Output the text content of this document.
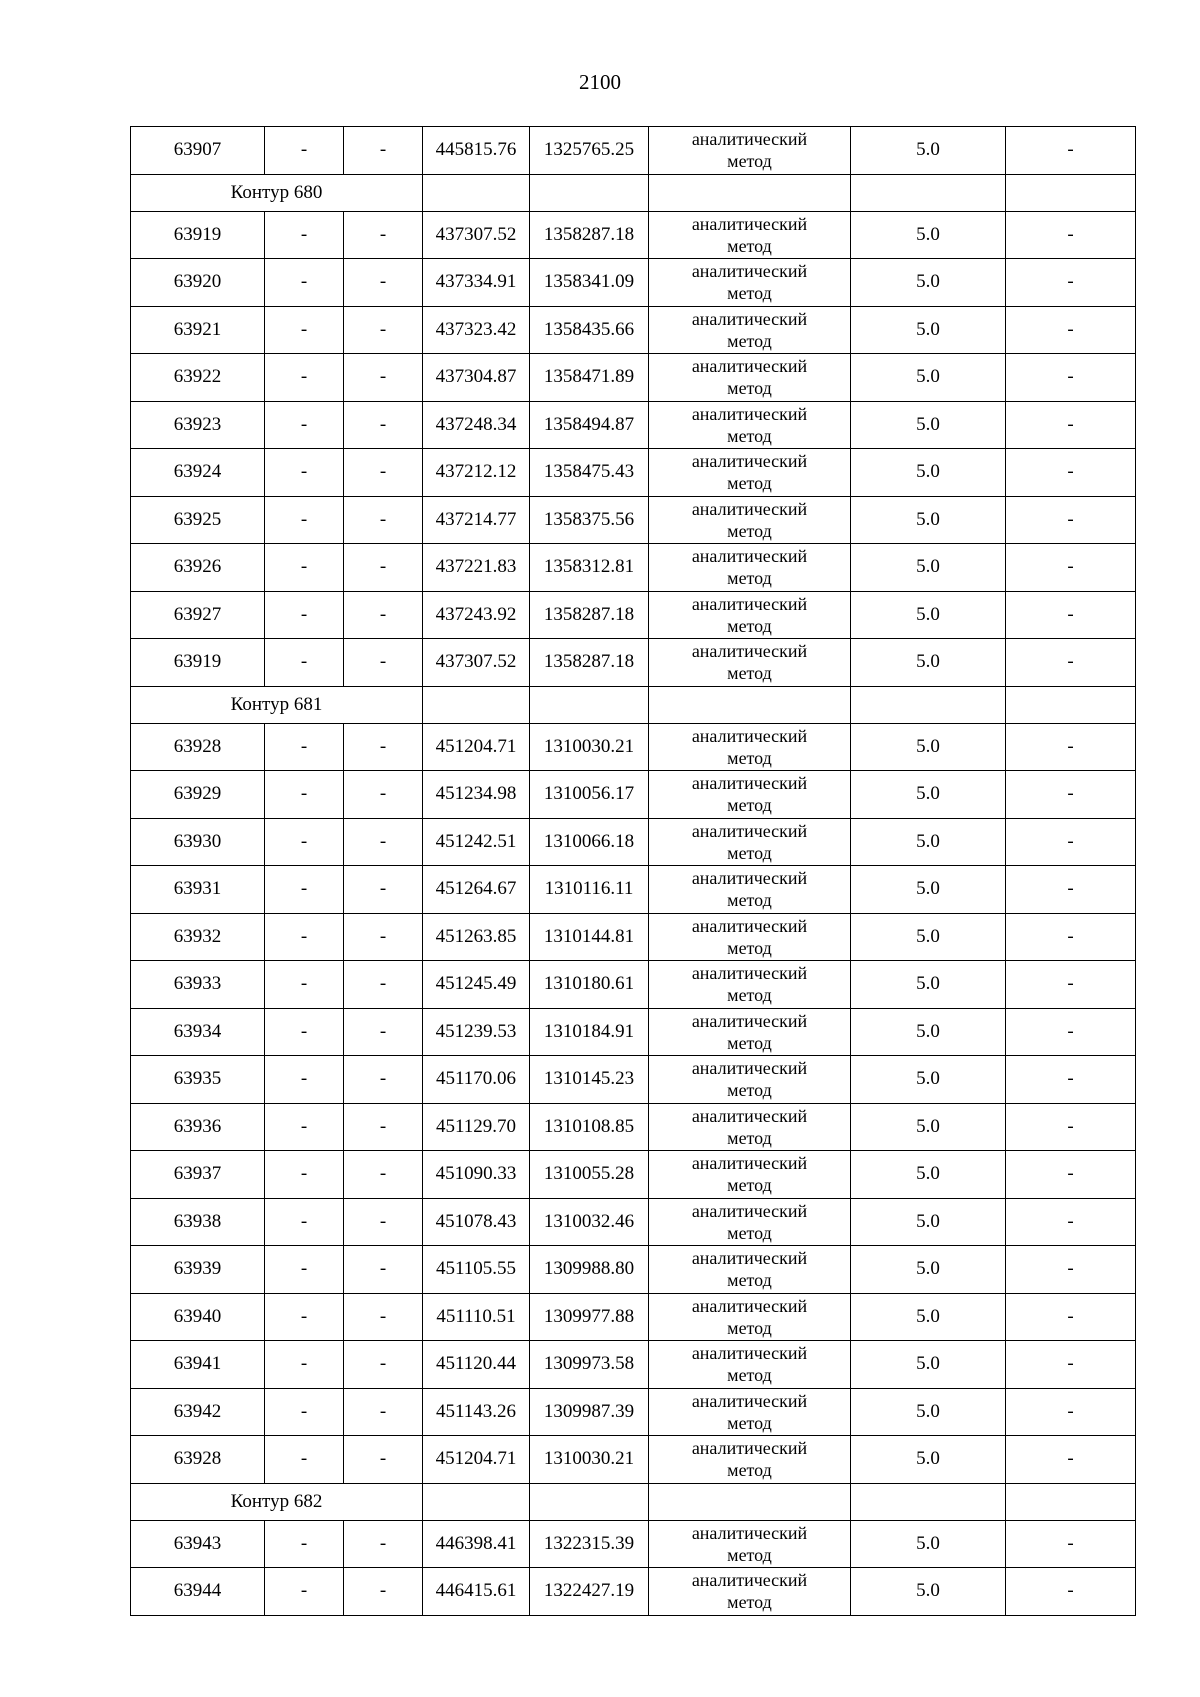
2100
63907	-	-	445815.76	1325765.25	аналитический
метод	5.0	-
Контур 680							
63919	-	-	437307.52	1358287.18	аналитический
метод	5.0	-
63920	-	-	437334.91	1358341.09	аналитический
метод	5.0	-
63921	-	-	437323.42	1358435.66	аналитический
метод	5.0	-
63922	-	-	437304.87	1358471.89	аналитический
метод	5.0	-
63923	-	-	437248.34	1358494.87	аналитический
метод	5.0	-
63924	-	-	437212.12	1358475.43	аналитический
метод	5.0	-
63925	-	-	437214.77	1358375.56	аналитический
метод	5.0	-
63926	-	-	437221.83	1358312.81	аналитический
метод	5.0	-
63927	-	-	437243.92	1358287.18	аналитический
метод	5.0	-
63919	-	-	437307.52	1358287.18	аналитический
метод	5.0	-
Контур 681							
63928	-	-	451204.71	1310030.21	аналитический
метод	5.0	-
63929	-	-	451234.98	1310056.17	аналитический
метод	5.0	-
63930	-	-	451242.51	1310066.18	аналитический
метод	5.0	-
63931	-	-	451264.67	1310116.11	аналитический
метод	5.0	-
63932	-	-	451263.85	1310144.81	аналитический
метод	5.0	-
63933	-	-	451245.49	1310180.61	аналитический
метод	5.0	-
63934	-	-	451239.53	1310184.91	аналитический
метод	5.0	-
63935	-	-	451170.06	1310145.23	аналитический
метод	5.0	-
63936	-	-	451129.70	1310108.85	аналитический
метод	5.0	-
63937	-	-	451090.33	1310055.28	аналитический
метод	5.0	-
63938	-	-	451078.43	1310032.46	аналитический
метод	5.0	-
63939	-	-	451105.55	1309988.80	аналитический
метод	5.0	-
63940	-	-	451110.51	1309977.88	аналитический
метод	5.0	-
63941	-	-	451120.44	1309973.58	аналитический
метод	5.0	-
63942	-	-	451143.26	1309987.39	аналитический
метод	5.0	-
63928	-	-	451204.71	1310030.21	аналитический
метод	5.0	-
Контур 682							
63943	-	-	446398.41	1322315.39	аналитический
метод	5.0	-
63944	-	-	446415.61	1322427.19	аналитический
метод	5.0	-
